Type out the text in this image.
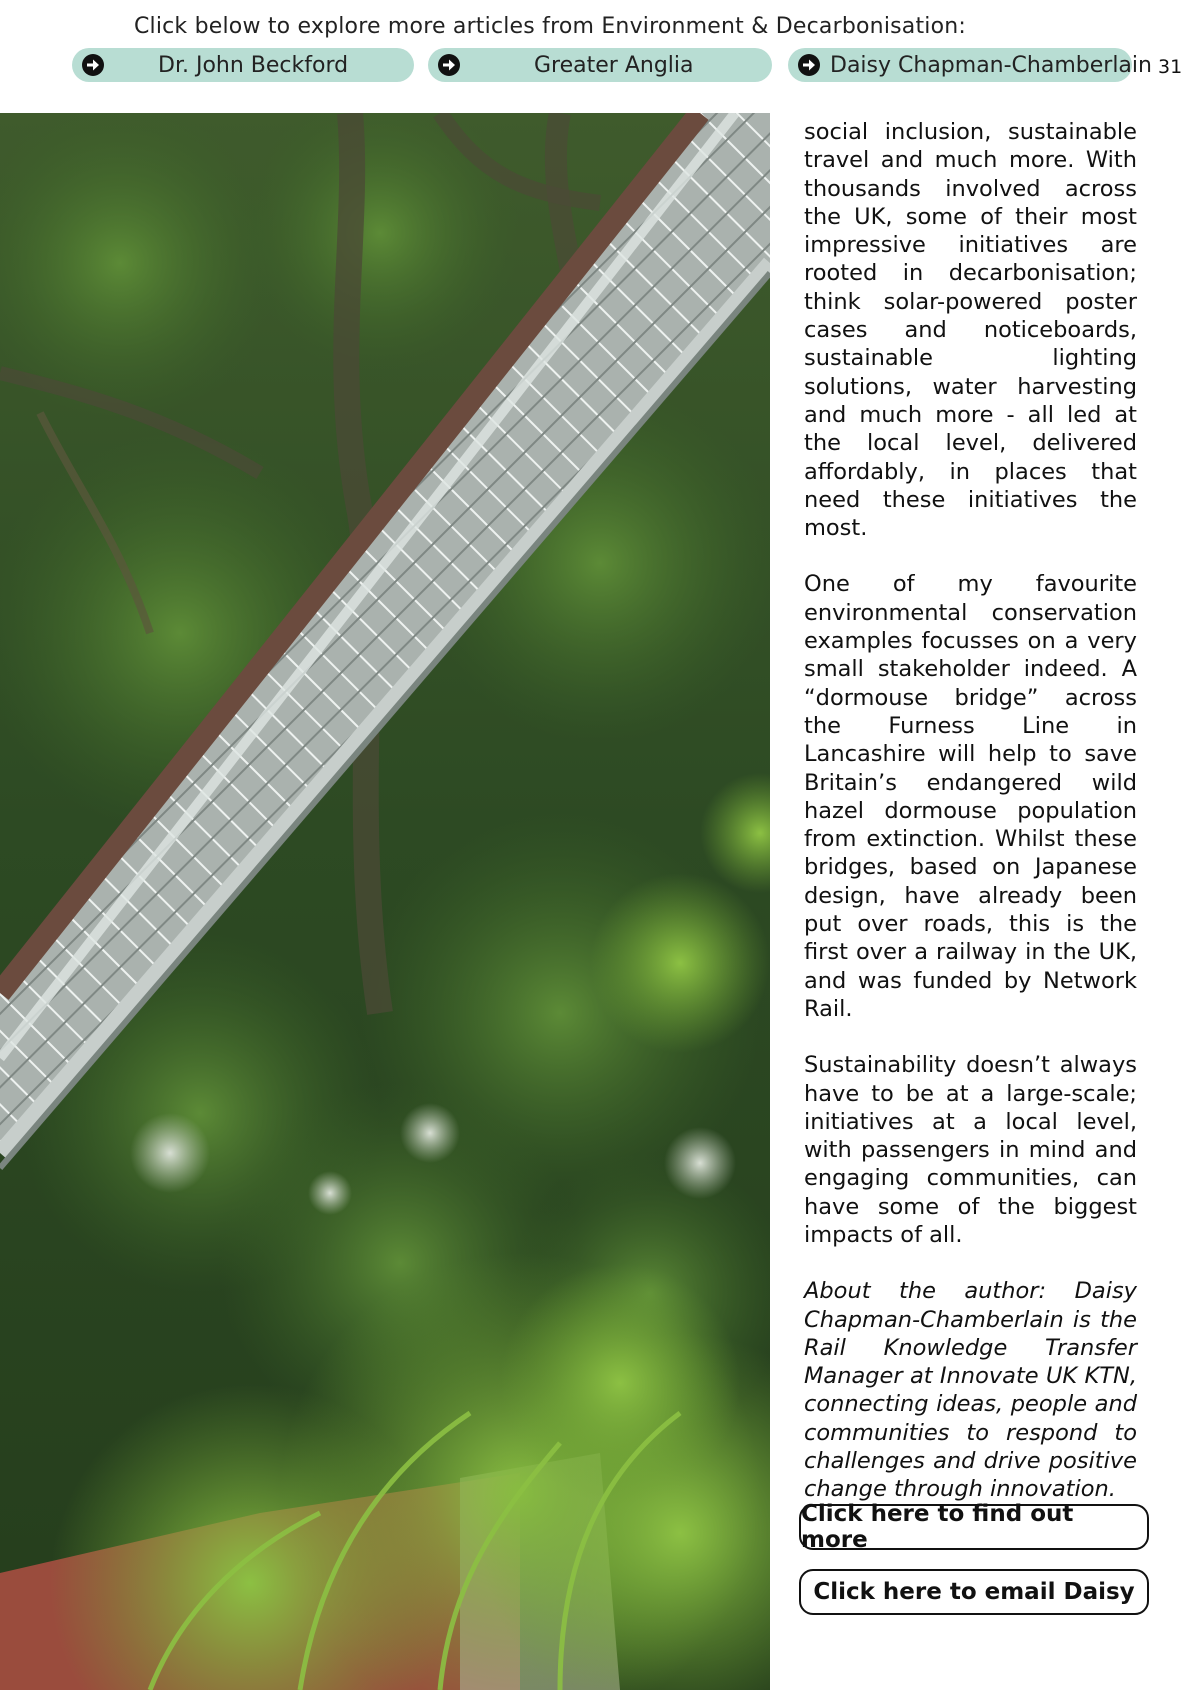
Click below to explore more articles from Environment & Decarbonisation:
Dr. John Beckford	Greater Anglia	Daisy Chapman-Chamberlain 31

social inclusion, sustainable travel and much more. With thousands involved across the UK, some of their most impressive initiatives are rooted in decarbonisation; think solar-powered poster cases and noticeboards, sustainable lighting solutions, water harvesting and much more - all led at the local level, delivered affordably, in places that need these initiatives the most.

One of my favourite environmental conservation examples focusses on a very small stakeholder indeed. A “dormouse bridge” across the Furness Line in Lancashire will help to save Britain’s endangered wild hazel dormouse population from extinction. Whilst these bridges, based on Japanese design, have already been put over roads, this is the first over a railway in the UK, and was funded by Network Rail.

Sustainability doesn’t always have to be at a large-scale; initiatives at a local level, with passengers in mind and engaging communities, can have some of the biggest impacts of all.

About the author: Daisy Chapman-Chamberlain is the Rail Knowledge Transfer Manager at Innovate UK KTN, connecting ideas, people and communities to respond to challenges and drive positive change through innovation.

Click here to find out more
Click here to email Daisy
